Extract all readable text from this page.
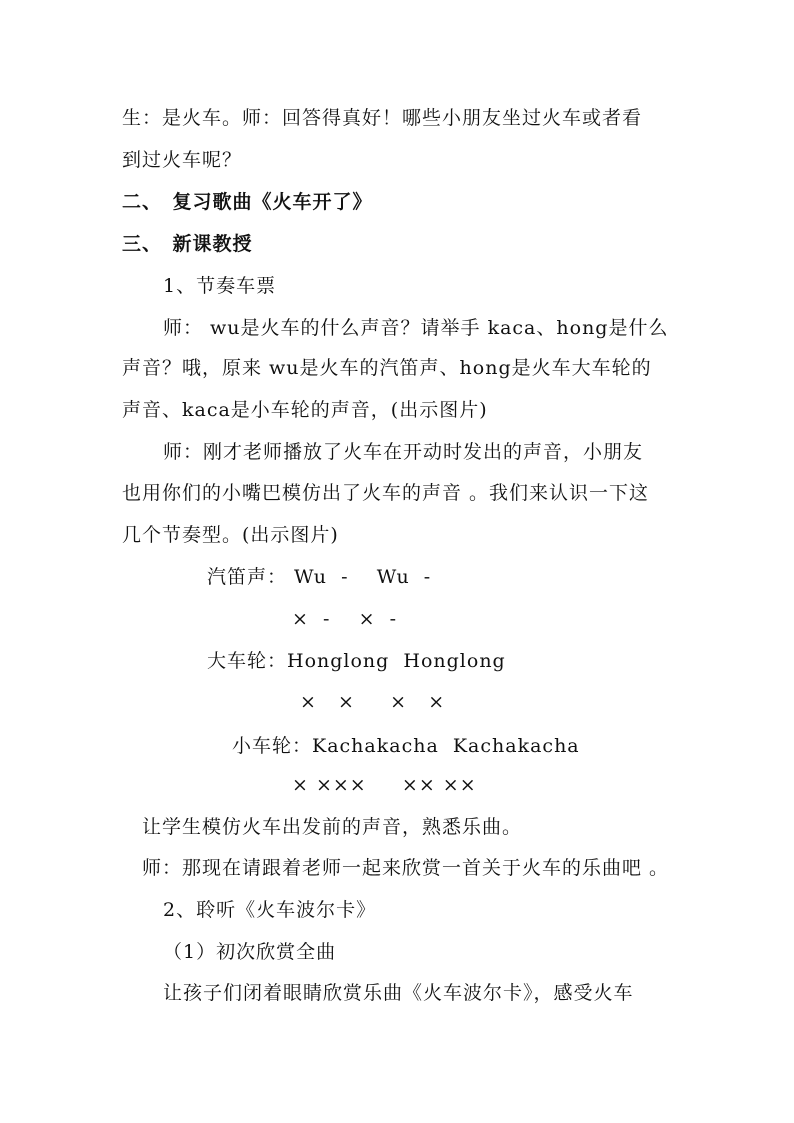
生：是火车。师：回答得真好！哪些小朋友坐过火车或者看
到过火车呢？
二、　复习歌曲《火车开了》
三、　新课教授
1、节奏车票
师： wu是火车的什么声音？请举手 kaca、hong是什么
声音？哦，原来 wu是火车的汽笛声、hong是火车大车轮的
声音、kaca是小车轮的声音，(出示图片)
师：刚才老师播放了火车在开动时发出的声音，小朋友
也用你们的小嘴巴模仿出了火车的声音 。我们来认识一下这
几个节奏型。(出示图片)
汽笛声： Wu  -    Wu  -
×  -    ×  -
大车轮：Honglong  Honglong
×   ×     ×   ×
小车轮：Kachakacha  Kachakacha
× ×××     ×× ××
让学生模仿火车出发前的声音，熟悉乐曲。
师：那现在请跟着老师一起来欣赏一首关于火车的乐曲吧 。
2、聆听《火车波尔卡》
（1）初次欣赏全曲
让孩子们闭着眼睛欣赏乐曲《火车波尔卡》，感受火车
